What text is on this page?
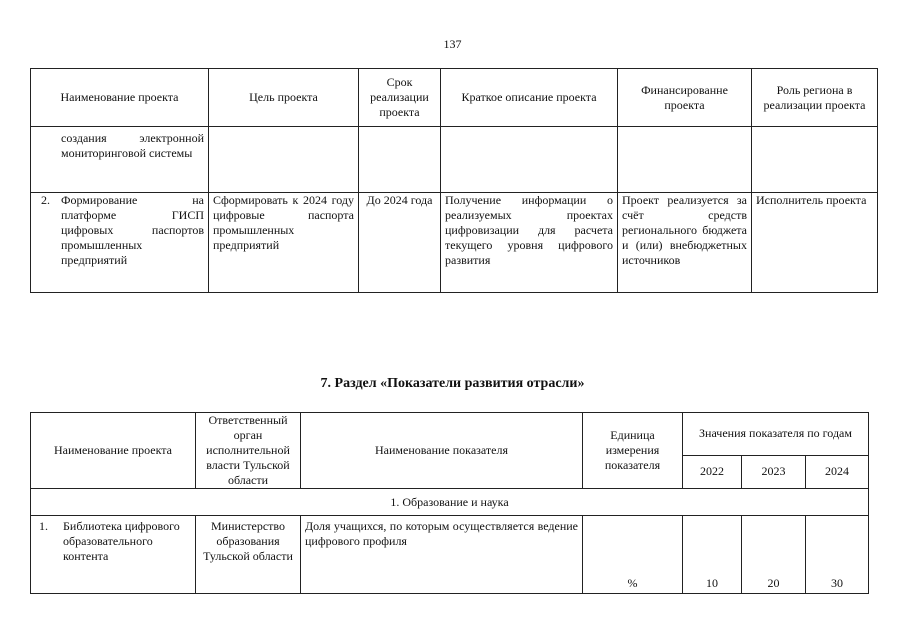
137
Наименование проекта	Цель проекта	Срок реализации проекта	Краткое описание проекта	Финансированне проекта	Роль региона в реализации проекта

создания электронной мониторинговой системы					

2. Формирование на платформе ГИСП цифровых паспортов промышленных предприятий	Сформировать к 2024 году цифровые паспорта промышленных предприятий	До 2024 года	Получение информации о реализуемых проектах цифровизации для расчета текущего уровня цифрового развития	Проект реализуется за счёт средств регионального бюджета и (или) внебюджетных источников	Исполнитель проекта
7. Раздел «Показатели развития отрасли»
Наименование проекта	Ответственный орган исполнительной власти Тульской области	Наименование показателя	Единица измерения показателя	Значения показателя по годам		
				2022	2023	2024
1. Образование и наука						

1. Библиотека цифрового образовательного контента	Министерство образования Тульской области	Доля учащихся, по которым осуществляется ведение цифрового профиля	%	10	20	30
